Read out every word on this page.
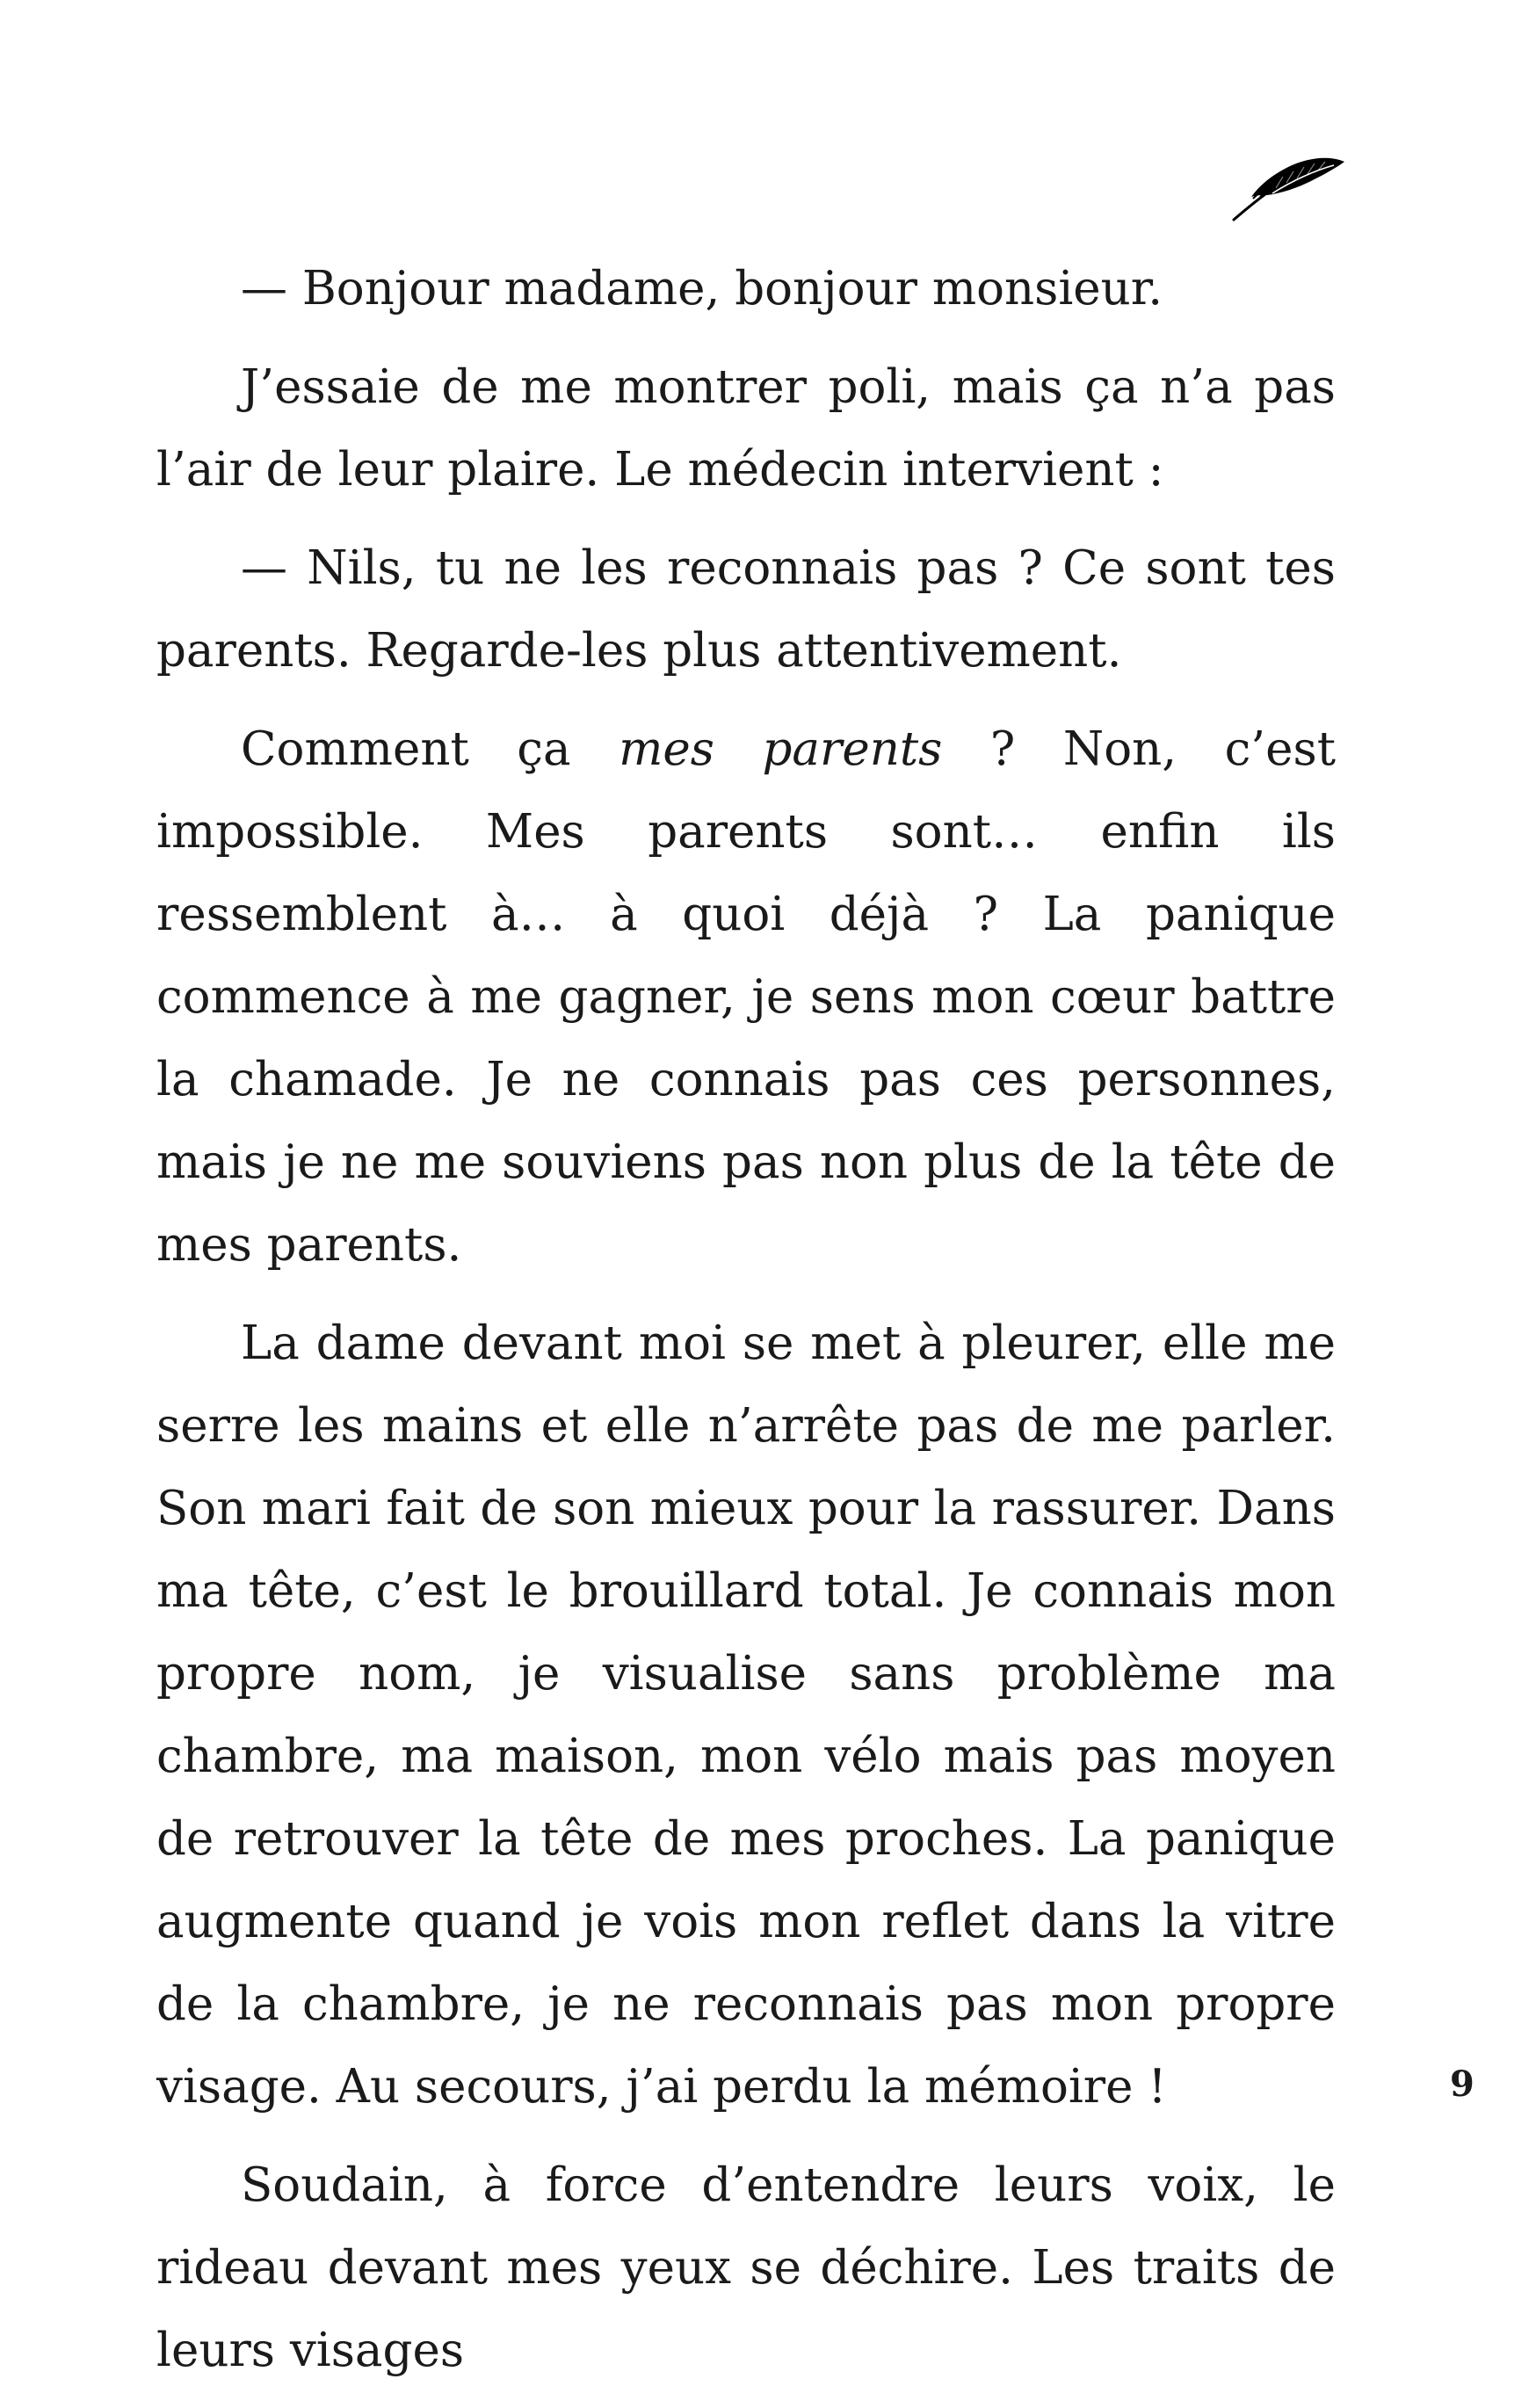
— Bonjour madame, bonjour monsieur.

J’essaie de me montrer poli, mais ça n’a pas l’air de leur plaire. Le médecin intervient :

— Nils, tu ne les reconnais pas ? Ce sont tes parents. Regarde-les plus attentivement.

Comment ça mes parents ? Non, c’est impossible. Mes parents sont… enfin ils ressemblent à… à quoi déjà ? La panique commence à me gagner, je sens mon cœur battre la chamade. Je ne connais pas ces personnes, mais je ne me souviens pas non plus de la tête de mes parents.

La dame devant moi se met à pleurer, elle me serre les mains et elle n’arrête pas de me parler. Son mari fait de son mieux pour la rassurer. Dans ma tête, c’est le brouillard total. Je connais mon propre nom, je visualise sans problème ma chambre, ma maison, mon vélo mais pas moyen de retrouver la tête de mes proches. La panique augmente quand je vois mon reflet dans la vitre de la chambre, je ne reconnais pas mon propre visage. Au secours, j’ai perdu la mémoire !

Soudain, à force d’entendre leurs voix, le rideau devant mes yeux se déchire. Les traits de leurs visages

9
